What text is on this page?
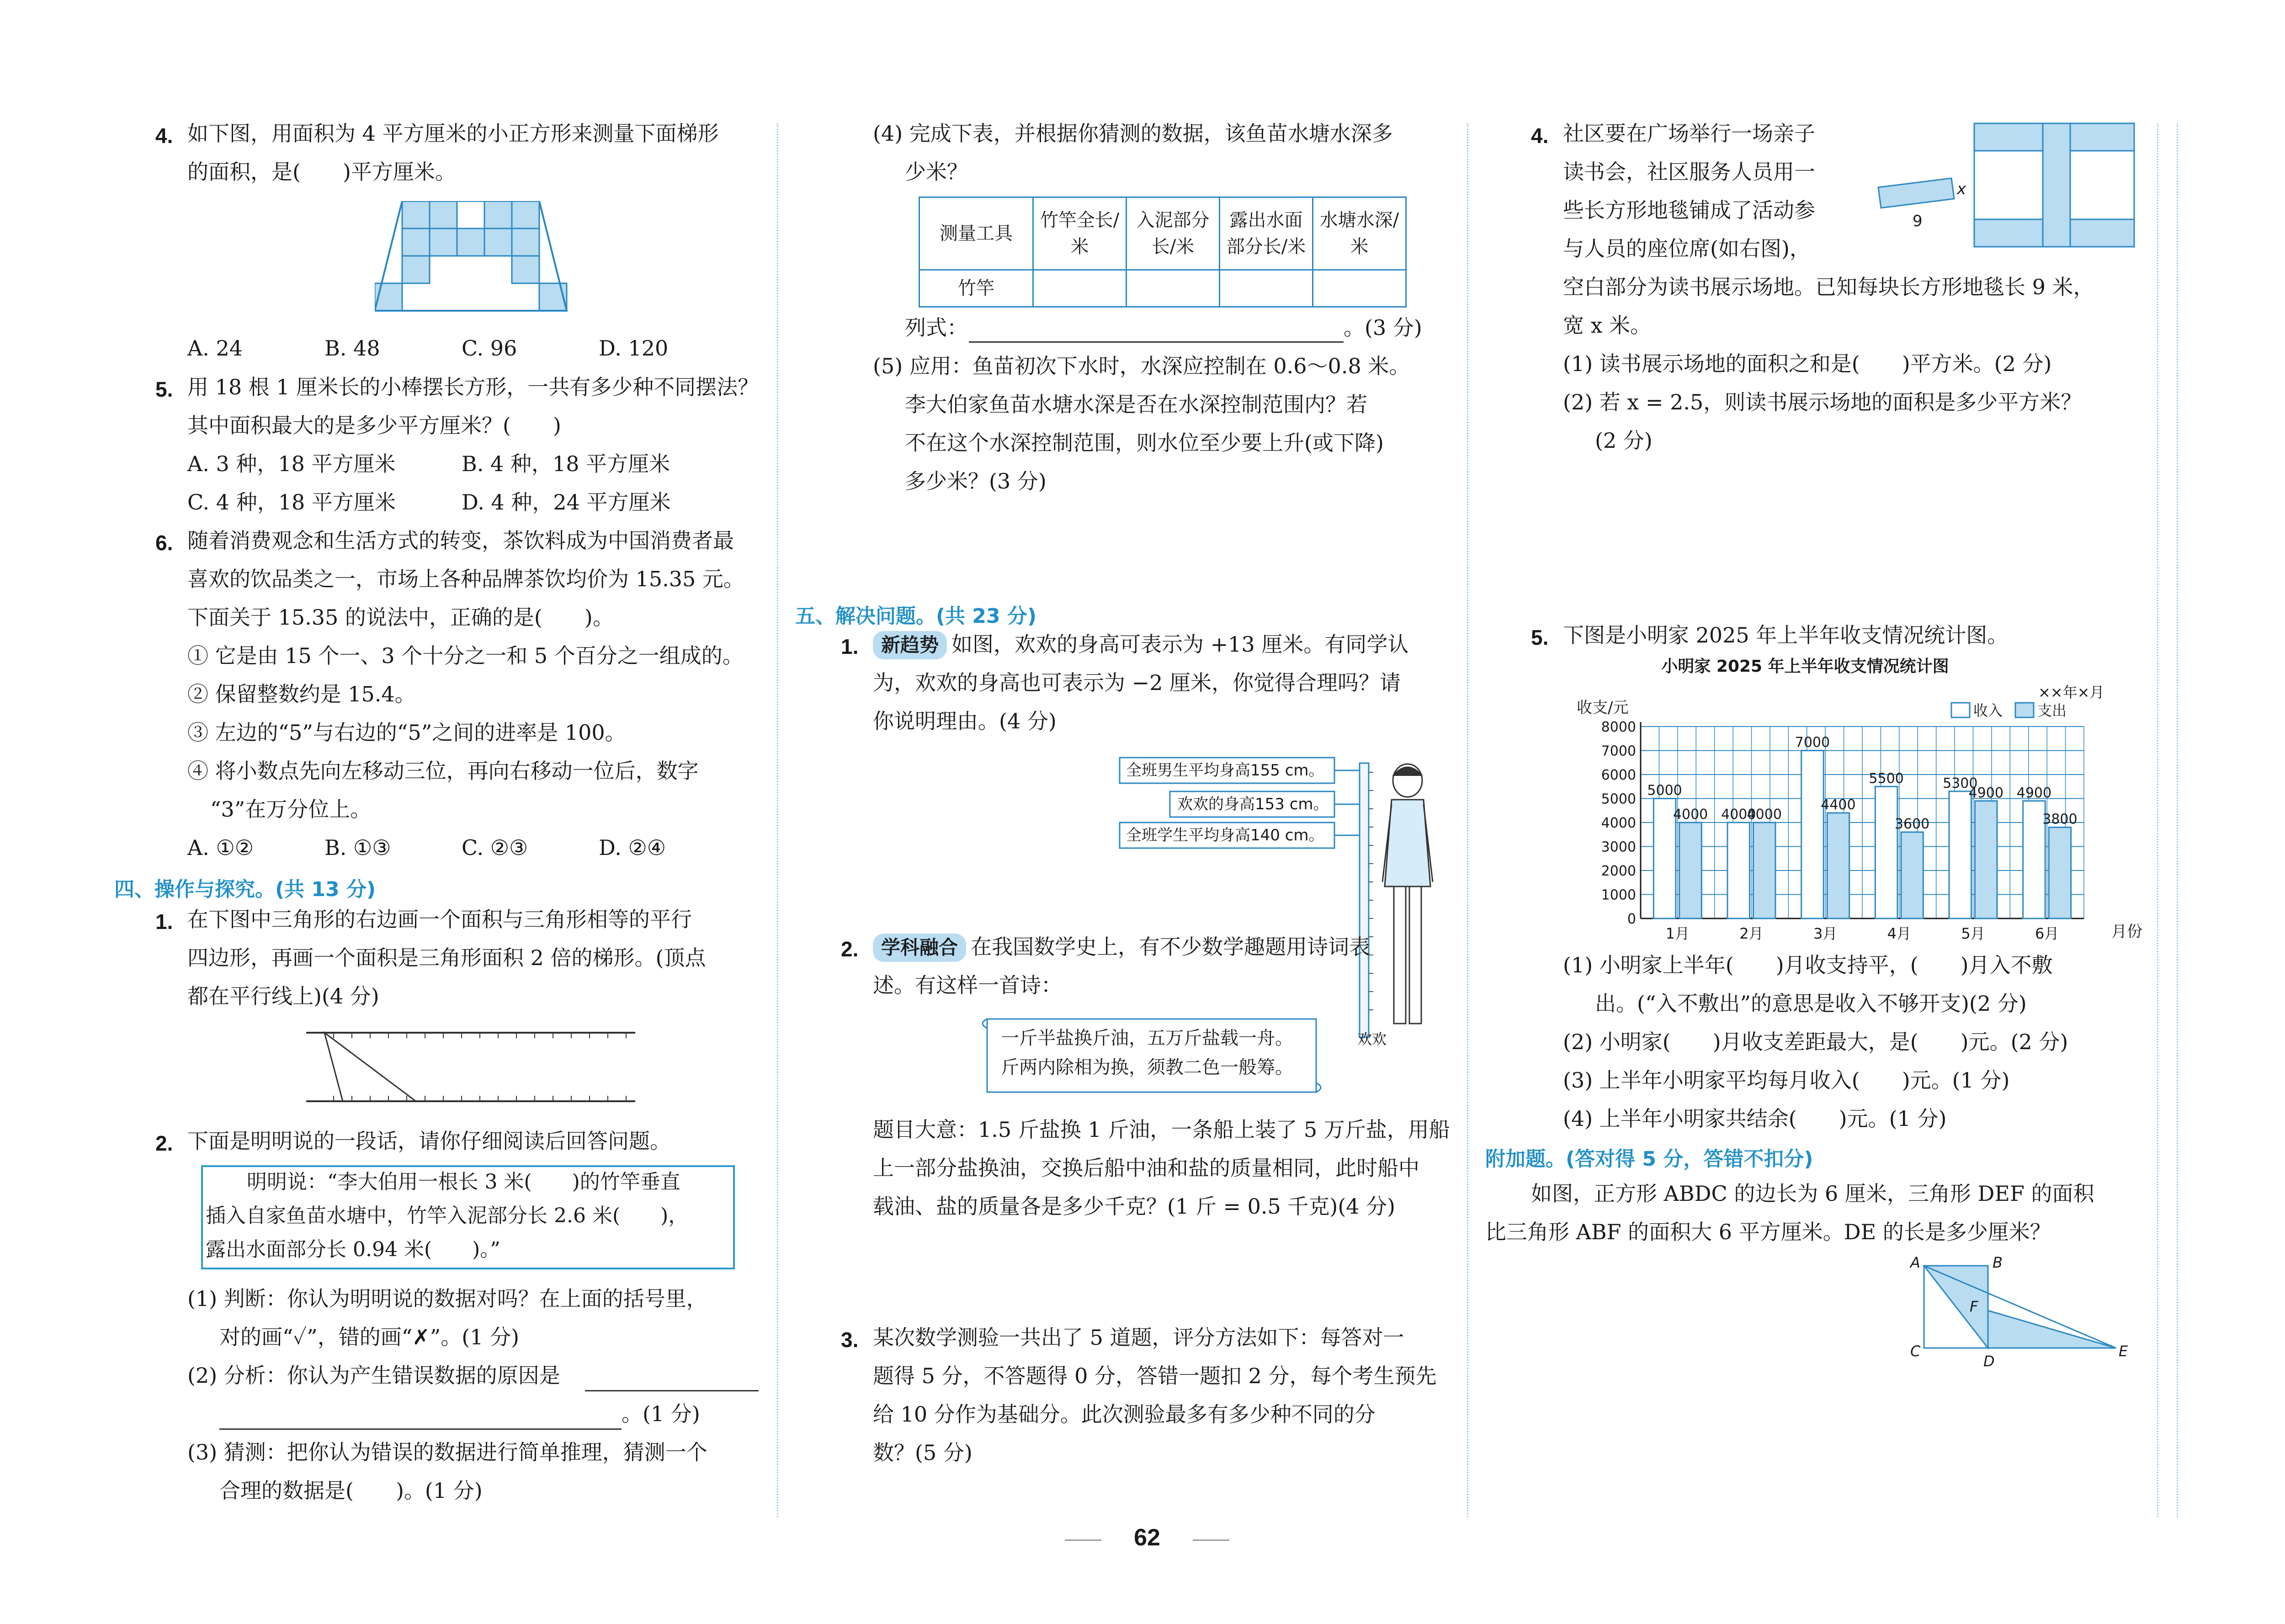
4. 如下图，用面积为 4 平方厘米的小正方形来测量下面梯形
的面积，是(　　)平方厘米。
A. 24	B. 48	C. 96	D. 120
5. 用 18 根 1 厘米长的小棒摆长方形，一共有多少种不同摆法？
其中面积最大的是多少平方厘米？(　　)
A. 3 种，18 平方厘米	B. 4 种，18 平方厘米
C. 4 种，18 平方厘米	D. 4 种，24 平方厘米
6. 随着消费观念和生活方式的转变，茶饮料成为中国消费者最
喜欢的饮品类之一，市场上各种品牌茶饮均价为 15.35 元。
下面关于 15.35 的说法中，正确的是(　　)。
① 它是由 15 个一、3 个十分之一和 5 个百分之一组成的。
② 保留整数约是 15.4。
③ 左边的“5”与右边的“5”之间的进率是 100。
④ 将小数点先向左移动三位，再向右移动一位后，数字
“3”在万分位上。
A. ①②	B. ①③	C. ②③	D. ②④
四、操作与探究。(共 13 分)
1. 在下图中三角形的右边画一个面积与三角形相等的平行
四边形，再画一个面积是三角形面积 2 倍的梯形。(顶点
都在平行线上)(4 分)
2. 下面是明明说的一段话，请你仔细阅读后回答问题。
明明说：“李大伯用一根长 3 米(　　)的竹竿垂直
插入自家鱼苗水塘中，竹竿入泥部分长 2.6 米(　　)，
露出水面部分长 0.94 米(　　)。”
(1) 判断：你认为明明说的数据对吗？在上面的括号里，
对的画“✓”，错的画“✗”。(1 分)
(2) 分析：你认为产生错误数据的原因是
。(1 分)
(3) 猜测：把你认为错误的数据进行简单推理，猜测一个
合理的数据是(　　)。(1 分)
(4) 完成下表，并根据你猜测的数据，该鱼苗水塘水深多
少米？
测量工具	竹竿全长/米	入泥部分长/米	露出水面部分长/米	水塘水深/米
竹竿				
列式：	。(3 分)
(5) 应用：鱼苗初次下水时，水深应控制在 0.6～0.8 米。
李大伯家鱼苗水塘水深是否在水深控制范围内？若
不在这个水深控制范围，则水位至少要上升(或下降)
多少米？(3 分)
五、解决问题。(共 23 分)
1.	新趋势 如图，欢欢的身高可表示为 +13 厘米。有同学认
为，欢欢的身高也可表示为 −2 厘米，你觉得合理吗？请
你说明理由。(4 分)
全班男生平均身高155 cm。
欢欢的身高153 cm。
全班学生平均身高140 cm。
欢欢
2.	学科融合 在我国数学史上，有不少数学趣题用诗词表
述。有这样一首诗：
一斤半盐换斤油，五万斤盐载一舟。
斤两内除相为换，须教二色一般筹。
题目大意：1.5 斤盐换 1 斤油，一条船上装了 5 万斤盐，用船
上一部分盐换油，交换后船中油和盐的质量相同，此时船中
载油、盐的质量各是多少千克？(1 斤 = 0.5 千克)(4 分)
3. 某次数学测验一共出了 5 道题，评分方法如下：每答对一
题得 5 分，不答题得 0 分，答错一题扣 2 分，每个考生预先
给 10 分作为基础分。此次测验最多有多少种不同的分
数？(5 分)
4. 社区要在广场举行一场亲子
读书会，社区服务人员用一
些长方形地毯铺成了活动参
与人员的座位席(如右图)，
x
9
空白部分为读书展示场地。已知每块长方形地毯长 9 米，
宽 x 米。
(1) 读书展示场地的面积之和是(　　)平方米。(2 分)
(2) 若 x = 2.5，则读书展示场地的面积是多少平方米？
(2 分)
5. 下图是小明家 2025 年上半年收支情况统计图。
小明家 2025 年上半年收支情况统计图
××年×月
收支/元	收入 支出
月份
0
1000
2000
3000
4000
5000
6000
7000
8000
5000
4000
1月
4000
4000
2月
7000
4400
3月
5500
3600
4月
5300
4900
5月
4900
3800
6月
(1) 小明家上半年(　　)月收支持平，(　　)月入不敷
出。(“入不敷出”的意思是收入不够开支)(2 分)
(2) 小明家(　　)月收支差距最大，是(　　)元。(2 分)
(3) 上半年小明家平均每月收入(　　)元。(1 分)
(4) 上半年小明家共结余(　　)元。(1 分)
附加题。(答对得 5 分，答错不扣分)
如图，正方形 ABDC 的边长为 6 厘米，三角形 DEF 的面积
比三角形 ABF 的面积大 6 平方厘米。DE 的长是多少厘米？
A	B
C
D
E
F
62
